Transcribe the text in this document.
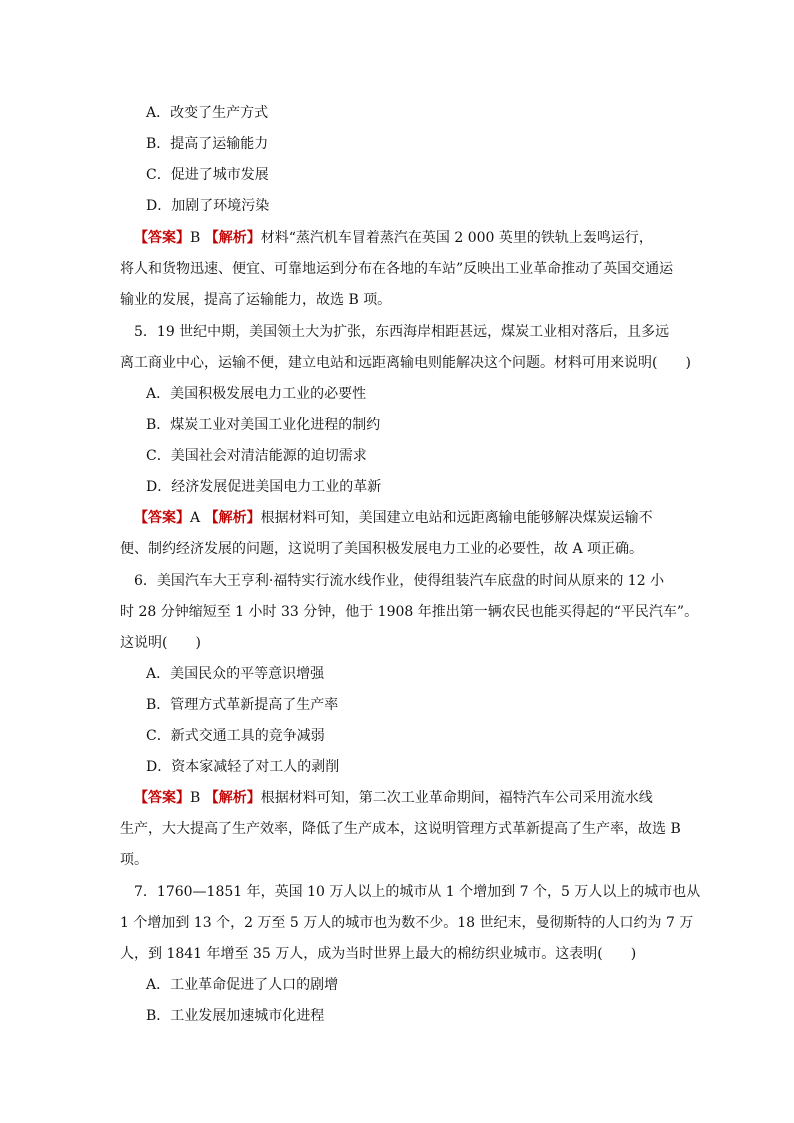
A．改变了生产方式
B．提高了运输能力
C．促进了城市发展
D．加剧了环境污染
【答案】B 【解析】材料“蒸汽机车冒着蒸汽在英国 2 000 英里的铁轨上轰鸣运行，
将人和货物迅速、便宜、可靠地运到分布在各地的车站”反映出工业革命推动了英国交通运
输业的发展，提高了运输能力，故选 B 项。
5．19 世纪中期，美国领土大为扩张，东西海岸相距甚远，煤炭工业相对落后，且多远
离工商业中心，运输不便，建立电站和远距离输电则能解决这个问题。材料可用来说明(　　)
A．美国积极发展电力工业的必要性
B．煤炭工业对美国工业化进程的制约
C．美国社会对清洁能源的迫切需求
D．经济发展促进美国电力工业的革新
【答案】A 【解析】根据材料可知，美国建立电站和远距离输电能够解决煤炭运输不
便、制约经济发展的问题，这说明了美国积极发展电力工业的必要性，故 A 项正确。
6．美国汽车大王亨利·福特实行流水线作业，使得组装汽车底盘的时间从原来的 12 小
时 28 分钟缩短至 1 小时 33 分钟，他于 1908 年推出第一辆农民也能买得起的“平民汽车”。
这说明(　　)
A．美国民众的平等意识增强
B．管理方式革新提高了生产率
C．新式交通工具的竞争减弱
D．资本家减轻了对工人的剥削
【答案】B 【解析】根据材料可知，第二次工业革命期间，福特汽车公司采用流水线
生产，大大提高了生产效率，降低了生产成本，这说明管理方式革新提高了生产率，故选 B
项。
7．1760—1851 年，英国 10 万人以上的城市从 1 个增加到 7 个，5 万人以上的城市也从
1 个增加到 13 个，2 万至 5 万人的城市也为数不少。18 世纪末，曼彻斯特的人口约为 7 万
人，到 1841 年增至 35 万人，成为当时世界上最大的棉纺织业城市。这表明(　　)
A．工业革命促进了人口的剧增
B．工业发展加速城市化进程
